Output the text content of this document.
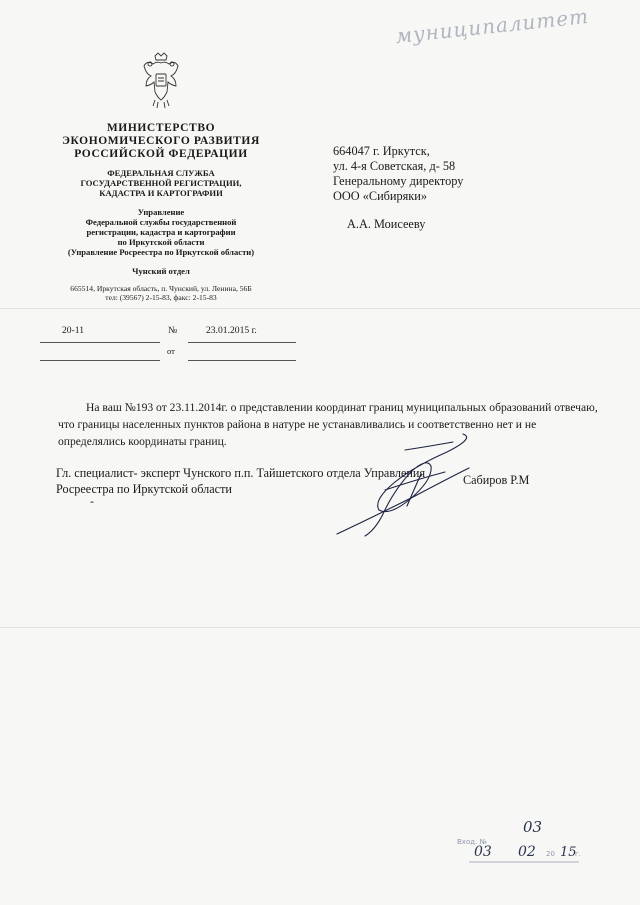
муниципалитет
МИНИСТЕРСТВО
ЭКОНОМИЧЕСКОГО РАЗВИТИЯ
РОССИЙСКОЙ ФЕДЕРАЦИИ
ФЕДЕРАЛЬНАЯ СЛУЖБА
ГОСУДАРСТВЕННОЙ РЕГИСТРАЦИИ,
КАДАСТРА И КАРТОГРАФИИ
Управление
Федеральной службы государственной
регистрации, кадастра и картографии
по Иркутской области
(Управление Росреестра по Иркутской области)
Чунский отдел
665514, Иркутская область, п. Чунский, ул. Ленина, 56Б
тел: (39567) 2-15-83, факс: 2-15-83
664047 г. Иркутск,
ул. 4-я Советская, д- 58
Генеральному директору
ООО «Сибиряки»
А.А. Моисееву
20-11	№	23.01.2015 г.
от
На ваш №193 от 23.11.2014г. о представлении координат границ муниципальных образований отвечаю, что границы населенных пунктов района в натуре не устанавливались и соответственно нет и не определялись координаты границ.
Гл. специалист- эксперт Чунского п.п. Тайшетского отдела Управления
Росреестра по Иркутской области
-
Сабиров Р.М
Вход. №
03
03 02 20 15
г.
